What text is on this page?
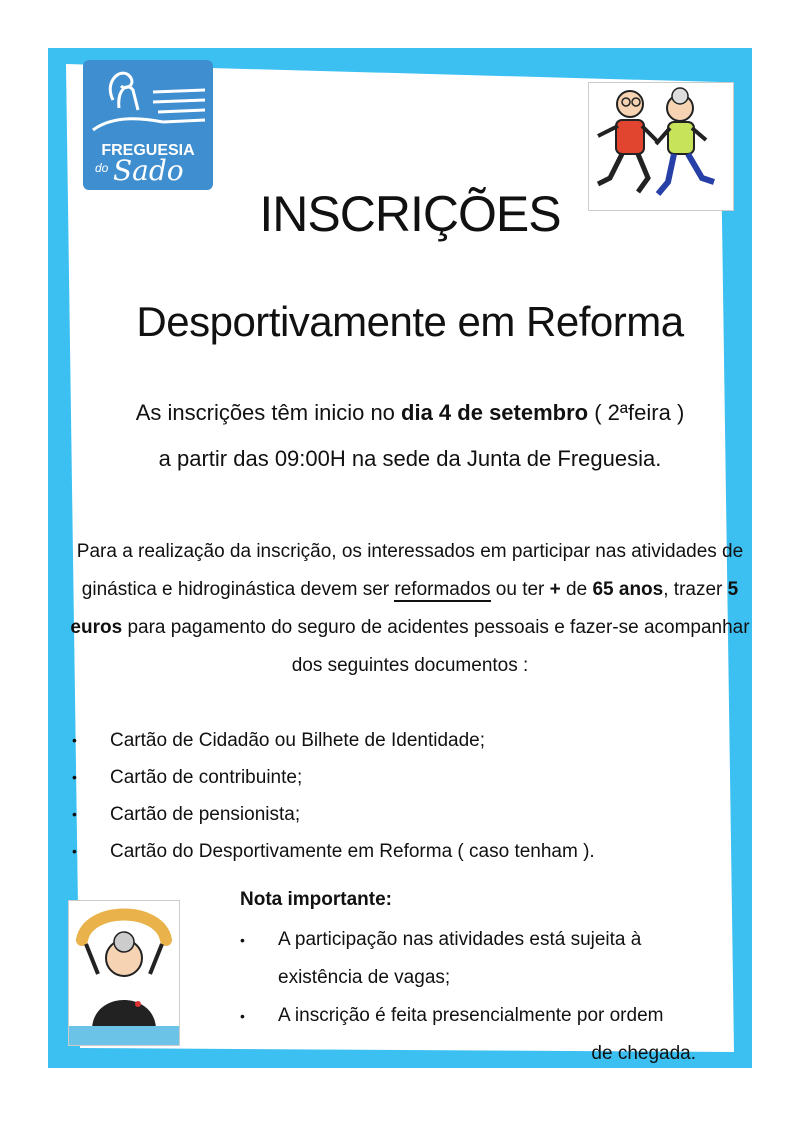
FREGUESIA
do Sado
INSCRIÇÕES
Desportivamente em Reforma
As inscrições têm inicio no dia 4 de setembro ( 2ªfeira )
a partir das 09:00H na sede da Junta de Freguesia.
Para a realização da inscrição, os interessados em participar nas atividades de ginástica e hidroginástica devem ser reformados ou ter + de 65 anos, trazer 5 euros para pagamento do seguro de acidentes pessoais e fazer-se acompanhar dos seguintes documentos :
• Cartão de Cidadão ou Bilhete de Identidade;
• Cartão de contribuinte;
• Cartão de pensionista;
• Cartão do Desportivamente em Reforma ( caso tenham ).
Nota importante:
• A participação nas atividades está sujeita à existência de vagas;
• A inscrição é feita presencialmente por ordem
de chegada.
